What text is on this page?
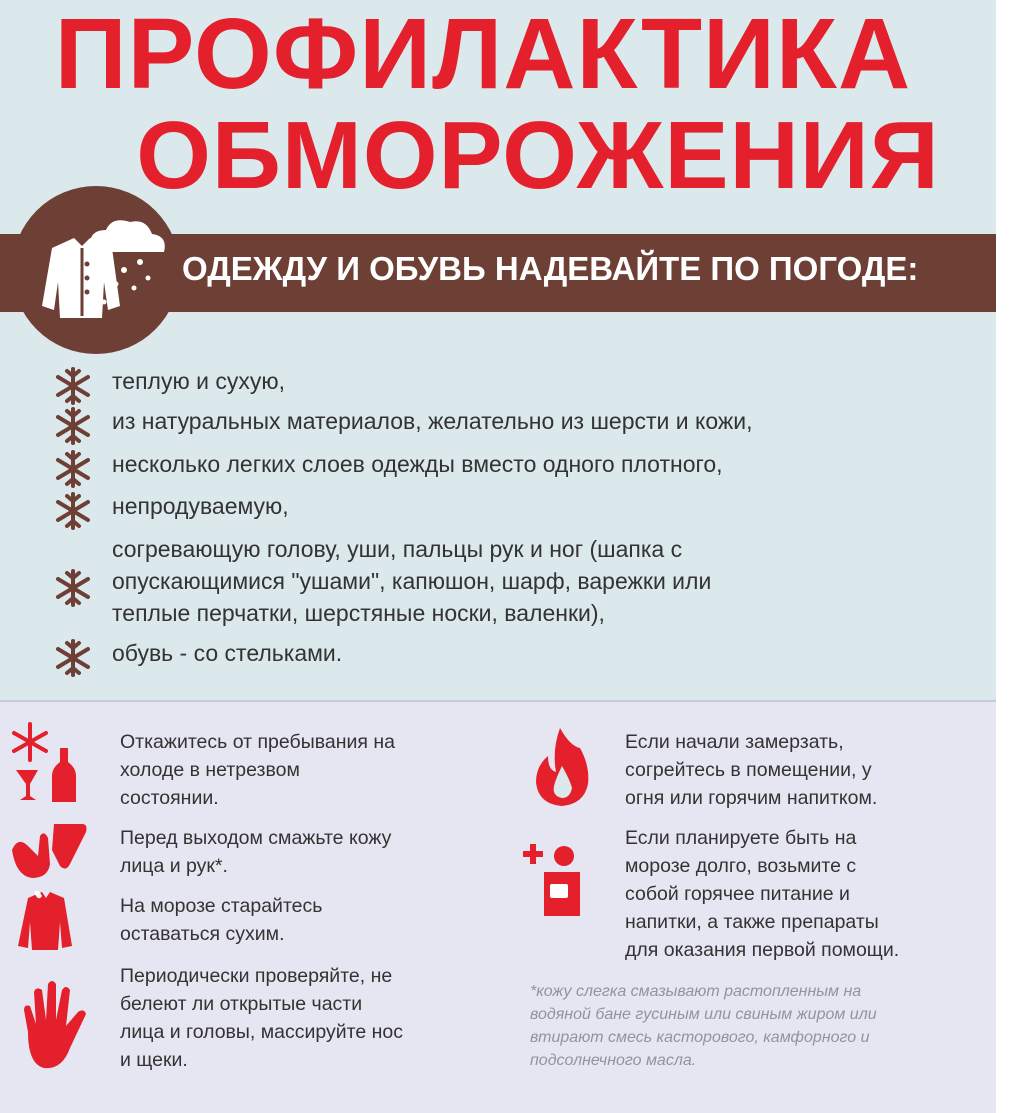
ПРОФИЛАКТИКА
ОБМОРОЖЕНИЯ
ОДЕЖДУ И ОБУВЬ НАДЕВАЙТЕ ПО ПОГОДЕ:
теплую и сухую,
из натуральных материалов, желательно из шерсти и кожи,
несколько легких слоев одежды вместо одного плотного,
непродуваемую,
согревающую голову, уши, пальцы рук и ног (шапка с
опускающимися "ушами", капюшон, шарф, варежки или
теплые перчатки, шерстяные носки, валенки),
обувь - со стельками.
Откажитесь от пребывания на
холоде в нетрезвом
состоянии.
Перед выходом смажьте кожу
лица и рук*.
На морозе старайтесь
оставаться сухим.
Периодически проверяйте, не
белеют ли открытые части
лица и головы, массируйте нос
и щеки.
Если начали замерзать,
согрейтесь в помещении, у
огня или горячим напитком.
Если планируете быть на
морозе долго, возьмите с
собой горячее питание и
напитки, а также препараты
для оказания первой помощи.
*кожу слегка смазывают растопленным на
водяной бане гусиным или свиным жиром или
втирают смесь касторового, камфорного и
подсолнечного масла.
